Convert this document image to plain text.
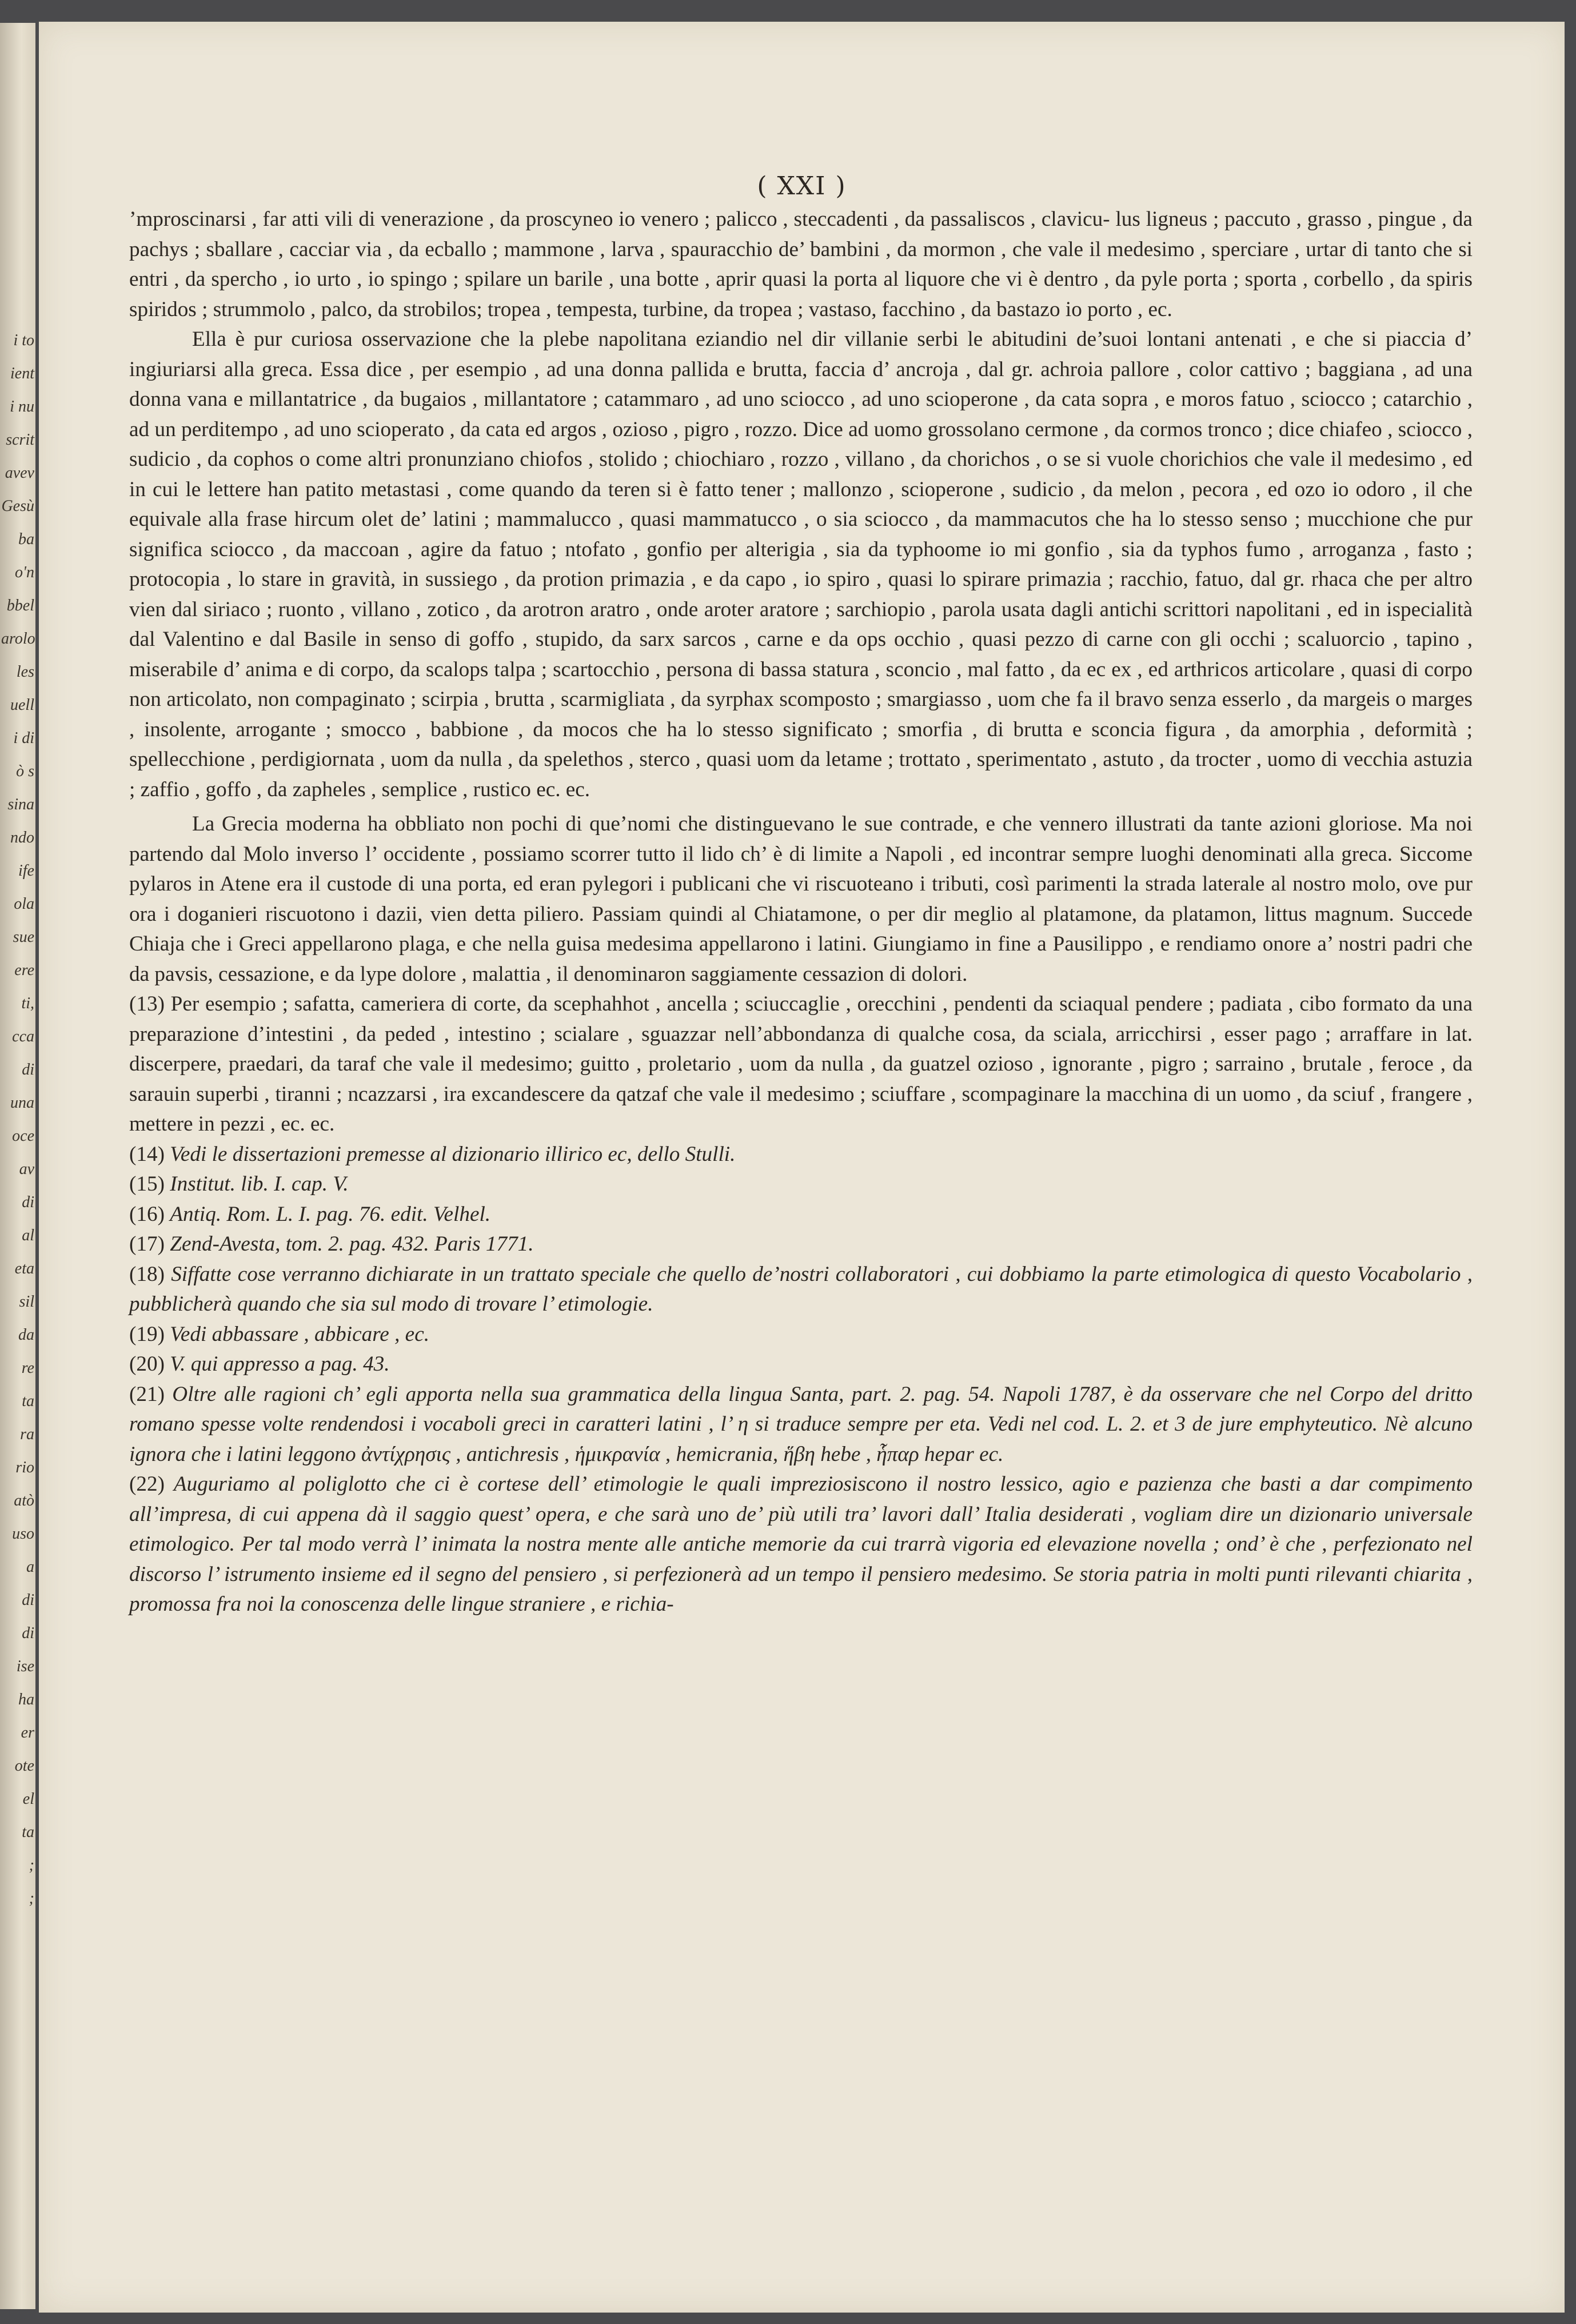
i to
ient
i nu
scrit
avev
Gesù
ba
o'n
bbel
arolo
les
uell
i di
ò s
sina
ndo
ife
ola
sue
ere
ti,
cca
di
una
oce
av
di
al
eta
sil
da
re
ta
ra
rio
atò
uso
a
di
di
ise
ha
er
ote
el
ta
;
;
( XXI )

’mproscinarsi , far atti vili di venerazione , da proscyneo io venero ; palicco , steccadenti , da passaliscos , clavicu- lus ligneus ; paccuto , grasso , pingue , da pachys ; sballare , cacciar via , da ecballo ; mammone , larva , spauracchio de’ bambini , da mormon , che vale il medesimo , sperciare , urtar di tanto che si entri , da spercho , io urto , io spingo ; spilare un barile , una botte , aprir quasi la porta al liquore che vi è dentro , da pyle porta ; sporta , corbello , da spiris spiridos ; strummolo , palco, da strobilos; tropea , tempesta, turbine, da tropea ; vastaso, facchino , da bastazo io porto , ec.

Ella è pur curiosa osservazione che la plebe napolitana eziandio nel dir villanie serbi le abitudini de’suoi lontani antenati , e che si piaccia d’ ingiuriarsi alla greca. Essa dice , per esempio , ad una donna pallida e brutta, faccia d’ ancroja , dal gr. achroia pallore , color cattivo ; baggiana , ad una donna vana e millantatrice , da bugaios , millantatore ; catammaro , ad uno sciocco , ad uno scioperone , da cata sopra , e moros fatuo , sciocco ; catarchio , ad un perditempo , ad uno scioperato , da cata ed argos , ozioso , pigro , rozzo. Dice ad uomo grossolano cermone , da cormos tronco ; dice chiafeo , sciocco , sudicio , da cophos o come altri pronunziano chiofos , stolido ; chiochiaro , rozzo , villano , da chorichos , o se si vuole chorichios che vale il medesimo , ed in cui le lettere han patito metastasi , come quando da teren si è fatto tener ; mallonzo , scioperone , sudicio , da melon , pecora , ed ozo io odoro , il che equivale alla frase hircum olet de’ latini ; mammalucco , quasi mammatucco , o sia sciocco , da mammacutos che ha lo stesso senso ; mucchione che pur significa sciocco , da maccoan , agire da fatuo ; ntofato , gonfio per alterigia , sia da typhoome io mi gonfio , sia da typhos fumo , arroganza , fasto ; protocopia , lo stare in gravità, in sussiego , da protion primazia , e da capo , io spiro , quasi lo spirare primazia ; racchio, fatuo, dal gr. rhaca che per altro vien dal siriaco ; ruonto , villano , zotico , da arotron aratro , onde aroter aratore ; sarchiopio , parola usata dagli antichi scrittori napolitani , ed in ispecialità dal Valentino e dal Basile in senso di goffo , stupido, da sarx sarcos , carne e da ops occhio , quasi pezzo di carne con gli occhi ; scaluorcio , tapino , miserabile d’ anima e di corpo, da scalops talpa ; scartocchio , persona di bassa statura , sconcio , mal fatto , da ec ex , ed arthricos articolare , quasi di corpo non articolato, non compaginato ; scirpia , brutta , scarmigliata , da syrphax scomposto ; smargiasso , uom che fa il bravo senza esserlo , da margeis o marges , insolente, arrogante ; smocco , babbione , da mocos che ha lo stesso significato ; smorfia , di brutta e sconcia figura , da amorphia , deformità ; spellecchione , perdigiornata , uom da nulla , da spelethos , sterco , quasi uom da letame ; trottato , sperimentato , astuto , da trocter , uomo di vecchia astuzia ; zaffio , goffo , da zapheles , semplice , rustico ec. ec.

La Grecia moderna ha obbliato non pochi di que’nomi che distinguevano le sue contrade, e che vennero illustrati da tante azioni gloriose. Ma noi partendo dal Molo inverso l’ occidente , possiamo scorrer tutto il lido ch’ è di limite a Napoli , ed incontrar sempre luoghi denominati alla greca. Siccome pylaros in Atene era il custode di una porta, ed eran pylegori i publicani che vi riscuoteano i tributi, così parimenti la strada laterale al nostro molo, ove pur ora i doganieri riscuotono i dazii, vien detta piliero. Passiam quindi al Chiatamone, o per dir meglio al platamone, da platamon, littus magnum. Succede Chiaja che i Greci appellarono plaga, e che nella guisa medesima appellarono i latini. Giungiamo in fine a Pausilippo , e rendiamo onore a’ nostri padri che da pavsis, cessazione, e da lype dolore , malattia , il denominaron saggiamente cessazion di dolori.

(13) Per esempio ; safatta, cameriera di corte, da scephahhot , ancella ; sciuccaglie , orecchini , pendenti da sciaqual pendere ; padiata , cibo formato da una preparazione d’intestini , da peded , intestino ; scialare , sguazzar nell’abbondanza di qualche cosa, da sciala, arricchirsi , esser pago ; arraffare in lat. discerpere, praedari, da taraf che vale il medesimo; guitto , proletario , uom da nulla , da guatzel ozioso , ignorante , pigro ; sarraino , brutale , feroce , da sarauin superbi , tiranni ; ncazzarsi , ira excandescere da qatzaf che vale il medesimo ; sciuffare , scompaginare la macchina di un uomo , da sciuf , frangere , mettere in pezzi , ec. ec.

(14) Vedi le dissertazioni premesse al dizionario illirico ec, dello Stulli.

(15) Institut. lib. I. cap. V.

(16) Antiq. Rom. L. I. pag. 76. edit. Velhel.

(17) Zend-Avesta, tom. 2. pag. 432. Paris 1771.

(18) Siffatte cose verranno dichiarate in un trattato speciale che quello de’nostri collaboratori , cui dobbiamo la parte etimologica di questo Vocabolario , pubblicherà quando che sia sul modo di trovare l’ etimologie.

(19) Vedi abbassare , abbicare , ec.

(20) V. qui appresso a pag. 43.

(21) Oltre alle ragioni ch’ egli apporta nella sua grammatica della lingua Santa, part. 2. pag. 54. Napoli 1787, è da osservare che nel Corpo del dritto romano spesse volte rendendosi i vocaboli greci in caratteri latini , l’ η si traduce sempre per eta. Vedi nel cod. L. 2. et 3 de jure emphyteutico. Nè alcuno ignora che i latini leggono ἀντίχρησις , antichresis , ἡμικρανία , hemicrania, ἥβη hebe , ἧπαρ hepar ec.

(22) Auguriamo al poliglotto che ci è cortese dell’ etimologie le quali impreziosiscono il nostro lessico, agio e pazienza che basti a dar compimento all’impresa, di cui appena dà il saggio quest’ opera, e che sarà uno de’ più utili tra’ lavori dall’ Italia desiderati , vogliam dire un dizionario universale etimologico. Per tal modo verrà l’ inimata la nostra mente alle antiche memorie da cui trarrà vigoria ed elevazione novella ; ond’ è che , perfezionato nel discorso l’ istrumento insieme ed il segno del pensiero , si perfezionerà ad un tempo il pensiero medesimo. Se storia patria in molti punti rilevanti chiarita , promossa fra noi la conoscenza delle lingue straniere , e richia-
